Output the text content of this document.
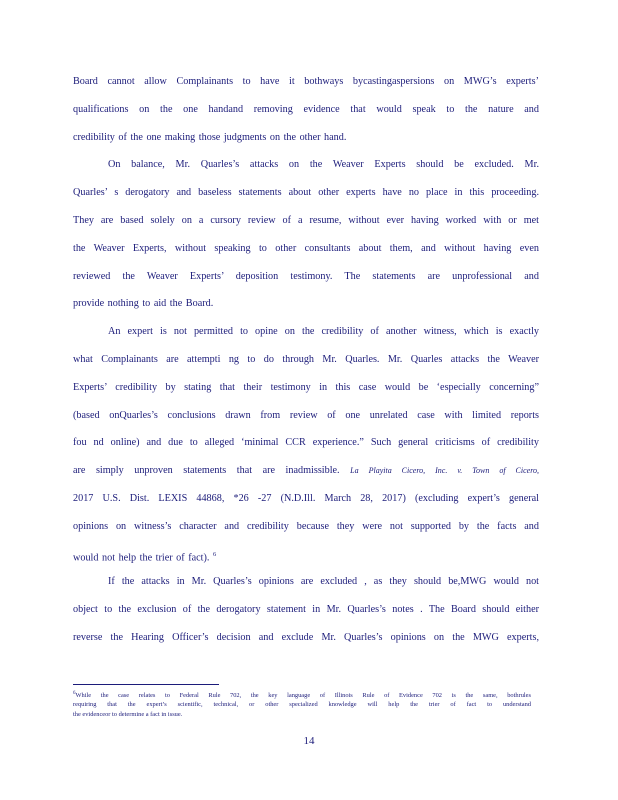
Board cannot allow Complainants to have it bothways bycastingaspersions on MWG’s experts’
qualifications on the one handand removing evidence that would speak to the nature and
credibility of the one making those judgments on the other hand.
On balance, Mr. Quarles’s attacks on the Weaver Experts should be excluded. Mr.
Quarles’ s derogatory and baseless statements about other experts have no place in this proceeding.
They are based solely on a cursory review of a resume, without ever having worked with or met
the Weaver Experts, without speaking to other consultants about them, and without having even
reviewed the Weaver Experts’ deposition testimony. The statements are unprofessional and
provide nothing to aid the Board.
An expert is not permitted to opine on the credibility of another witness, which is exactly
what Complainants are attempti ng to do through Mr. Quarles. Mr. Quarles attacks the Weaver
Experts’ credibility by stating that their testimony in this case would be ‘especially concerning”
(based onQuarles’s conclusions drawn from review of one unrelated case with limited reports
fou nd online) and due to alleged ‘minimal CCR experience.” Such general criticisms of credibility
are simply unproven statements that are inadmissible. La Playita Cicero, Inc. v. Town of Cicero,
2017 U.S. Dist. LEXIS 44868, *26 -27 (N.D.Ill. March 28, 2017) (excluding expert’s general
opinions on witness’s character and credibility because they were not supported by the facts and
would not help the trier of fact). $^6$
If the attacks in Mr. Quarles’s opinions are excluded , as they should be,MWG would not
object to the exclusion of the derogatory statement in Mr. Quarles’s notes . The Board should either
reverse the Hearing Officer’s decision and exclude Mr. Quarles’s opinions on the MWG experts,
$^6$While the case relates to Federal Rule 702, the key language of Illinois Rule of Evidence 702 is the same, bothrules
requiring that the expert’s scientific, technical, or other specialized knowledge will help the trier of fact to understand
the evidenceor to determine a fact in issue.
14
